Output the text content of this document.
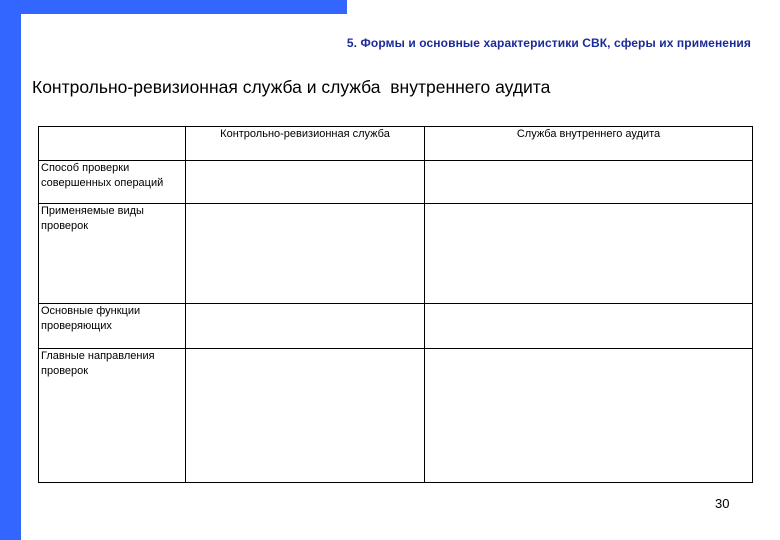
5. Формы и основные характеристики СВК, сферы их применения
Контрольно-ревизионная служба и служба  внутреннего аудита
	Контрольно-ревизионная служба	Служба внутреннего аудита
Способ проверки совершенных операций		
Применяемые виды проверок		
Основные функции проверяющих		
Главные направления проверок		
30
